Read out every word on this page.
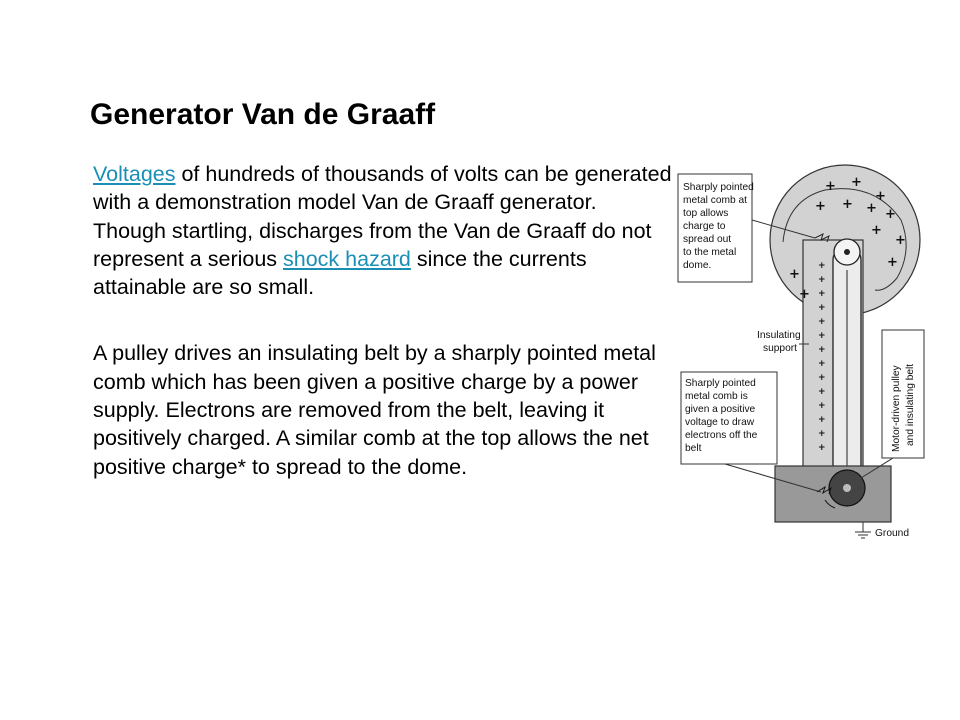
Generator Van de Graaff

Voltages of hundreds of thousands of volts can be generated with a demonstration model Van de Graaff generator. Though startling, discharges from the Van de Graaff do not represent a serious shock hazard since the currents attainable are so small.

A pulley drives an insulating belt by a sharply pointed metal comb which has been given a positive charge by a power supply. Electrons are removed from the belt, leaving it positively charged. A similar comb at the top allows the net positive charge* to spread to the dome.

Ground
+ +
+
+ + + +
+
+
+
+
+
+
+
+
+
+
+
+
+
+
+
+
+
+
+
Sharply pointed
metal comb at
top allows
charge to
spread out
to the metal
dome.
Insulating
support
Sharply pointed
metal comb is
given a positive
voltage to draw
electrons off the
belt	Motor-driven pulley and insulating belt
